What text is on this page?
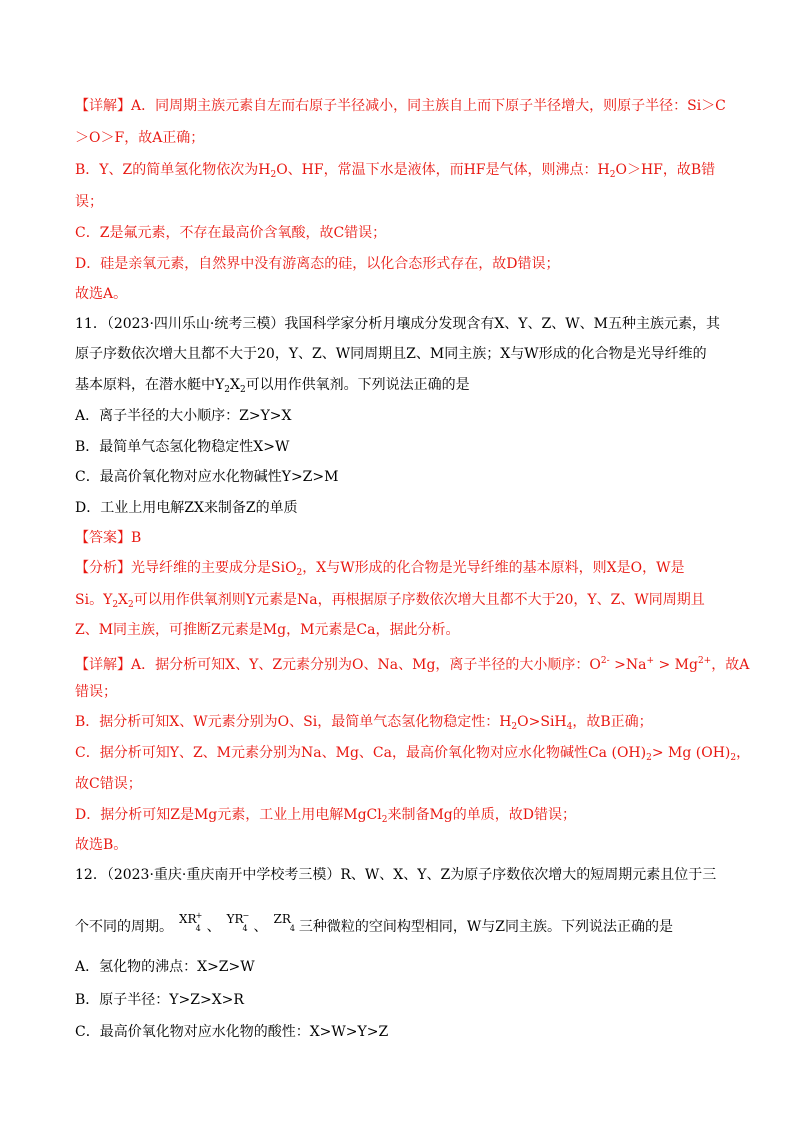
【详解】A．同周期主族元素自左而右原子半径减小，同主族自上而下原子半径增大，则原子半径：Si＞C
＞O＞F，故A正确；
B．Y、Z的简单氢化物依次为$H_2O$、HF，常温下水是液体，而HF是气体，则沸点：$H_2O>HF$，故B错
误；
C．Z是氟元素，不存在最高价含氧酸，故C错误；
D．硅是亲氧元素，自然界中没有游离态的硅，以化合态形式存在，故D错误；
故选A。
11．（2023·四川乐山·统考三模）我国科学家分析月壤成分发现含有X、Y、Z、W、M五种主族元素，其
原子序数依次增大且都不大于20，Y、Z、W同周期且Z、M同主族；X与W形成的化合物是光导纤维的
基本原料，在潜水艇中$Y_2X_2$可以用作供氧剂。下列说法正确的是
A．离子半径的大小顺序：Z>Y>X
B．最简单气态氢化物稳定性X>W
C．最高价氧化物对应水化物碱性Y>Z>M
D．工业上用电解ZX来制备Z的单质
【答案】B
【分析】光导纤维的主要成分是SiO$_2$，X与W形成的化合物是光导纤维的基本原料，则X是O，W是
Si。$Y_2X_2$可以用作供氧剂则Y元素是Na，再根据原子序数依次增大且都不大于20，Y、Z、W同周期且
Z、M同主族，可推断Z元素是Mg，M元素是Ca，据此分析。
【详解】A．据分析可知X、Y、Z元素分别为O、Na、Mg，离子半径的大小顺序：$O^{2-} >Na^+ > Mg^{2+}$，故A
错误；
B．据分析可知X、W元素分别为O、Si，最简单气态氢化物稳定性：$H_2O>SiH_4$，故B正确；
C．据分析可知Y、Z、M元素分别为Na、Mg、Ca，最高价氧化物对应水化物碱性Ca $(OH)_2> Mg$ $(OH)_2$，
故C错误；
D．据分析可知Z是Mg元素，工业上用电解MgCl$_2$来制备Mg的单质，故D错误；
故选B。
12．（2023·重庆·重庆南开中学校考三模）R、W、X、Y、Z为原子序数依次增大的短周期元素且位于三
个不同的周期。 XR +
4 、 YR −
4 、 ZR
4 三种微粒的空间构型相同，W与Z同主族。下列说法正确的是
A．氢化物的沸点：X>Z>W
B．原子半径：Y>Z>X>R
C．最高价氧化物对应水化物的酸性：X>W>Y>Z
